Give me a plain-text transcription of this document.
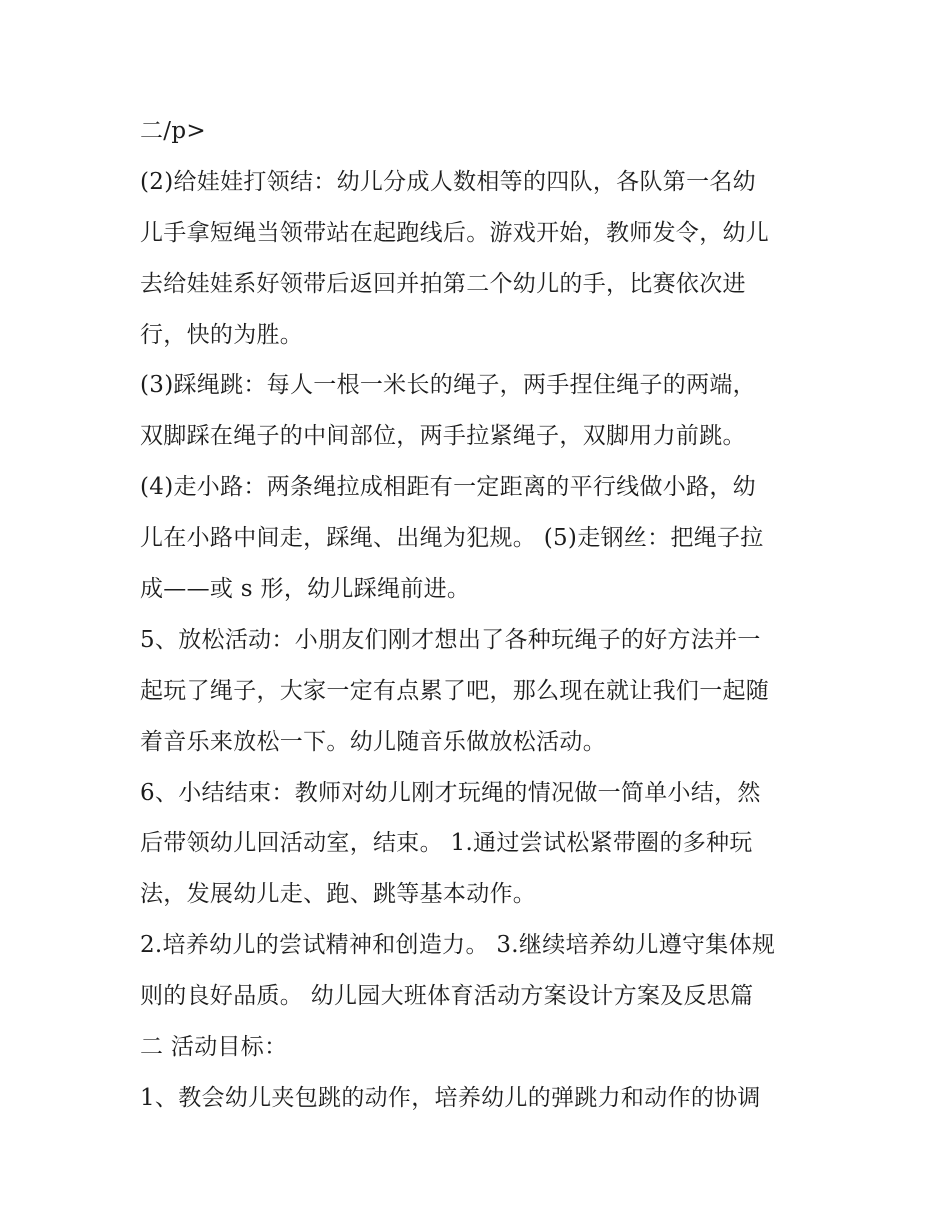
二/p>
(2)给娃娃打领结：幼儿分成人数相等的四队，各队第一名幼
儿手拿短绳当领带站在起跑线后。游戏开始，教师发令，幼儿
去给娃娃系好领带后返回并拍第二个幼儿的手，比赛依次进
行，快的为胜。
(3)踩绳跳：每人一根一米长的绳子，两手捏住绳子的两端，
双脚踩在绳子的中间部位，两手拉紧绳子，双脚用力前跳。
(4)走小路：两条绳拉成相距有一定距离的平行线做小路，幼
儿在小路中间走，踩绳、出绳为犯规。 (5)走钢丝：把绳子拉
成——或 s 形，幼儿踩绳前进。
5、放松活动：小朋友们刚才想出了各种玩绳子的好方法并一
起玩了绳子，大家一定有点累了吧，那么现在就让我们一起随
着音乐来放松一下。幼儿随音乐做放松活动。
6、小结结束：教师对幼儿刚才玩绳的情况做一简单小结，然
后带领幼儿回活动室，结束。 1.通过尝试松紧带圈的多种玩
法，发展幼儿走、跑、跳等基本动作。
2.培养幼儿的尝试精神和创造力。 3.继续培养幼儿遵守集体规
则的良好品质。 幼儿园大班体育活动方案设计方案及反思篇
二 活动目标：
1、教会幼儿夹包跳的动作，培养幼儿的弹跳力和动作的协调
